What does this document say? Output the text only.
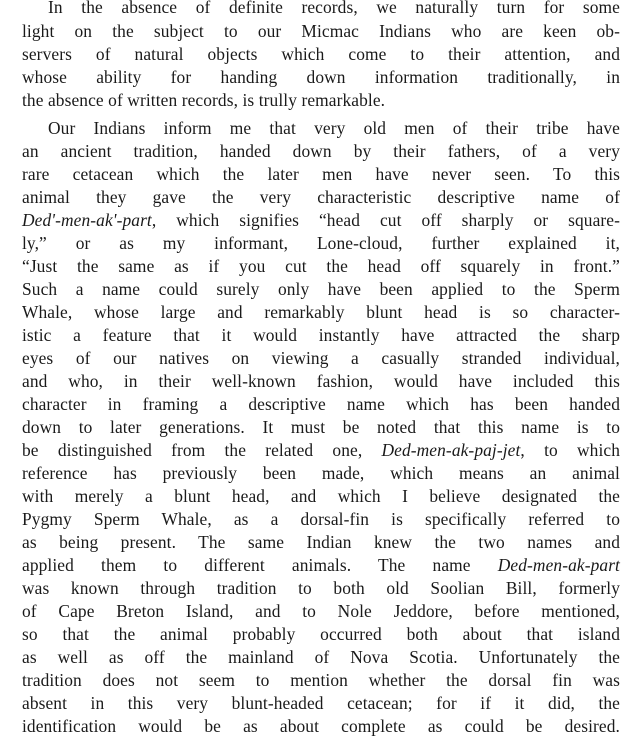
In the absence of definite records, we naturally turn for some
light on the subject to our Micmac Indians who are keen ob-
servers of natural objects which come to their attention, and
whose ability for handing down information traditionally, in
the absence of written records, is trully remarkable.
Our Indians inform me that very old men of their tribe have
an ancient tradition, handed down by their fathers, of a very
rare cetacean which the later men have never seen. To this
animal they gave the very characteristic descriptive name of
Ded'-men-ak'-part, which signifies “head cut off sharply or square-
ly,” or as my informant, Lone-cloud, further explained it,
“Just the same as if you cut the head off squarely in front.”
Such a name could surely only have been applied to the Sperm
Whale, whose large and remarkably blunt head is so character-
istic a feature that it would instantly have attracted the sharp
eyes of our natives on viewing a casually stranded individual,
and who, in their well-known fashion, would have included this
character in framing a descriptive name which has been handed
down to later generations. It must be noted that this name is to
be distinguished from the related one, Ded-men-ak-paj-jet, to which
reference has previously been made, which means an animal
with merely a blunt head, and which I believe designated the
Pygmy Sperm Whale, as a dorsal-fin is specifically referred to
as being present. The same Indian knew the two names and
applied them to different animals. The name Ded-men-ak-part
was known through tradition to both old Soolian Bill, formerly
of Cape Breton Island, and to Nole Jeddore, before mentioned,
so that the animal probably occurred both about that island
as well as off the mainland of Nova Scotia. Unfortunately the
tradition does not seem to mention whether the dorsal fin was
absent in this very blunt-headed cetacean; for if it did, the
identification would be as about complete as could be desired.
